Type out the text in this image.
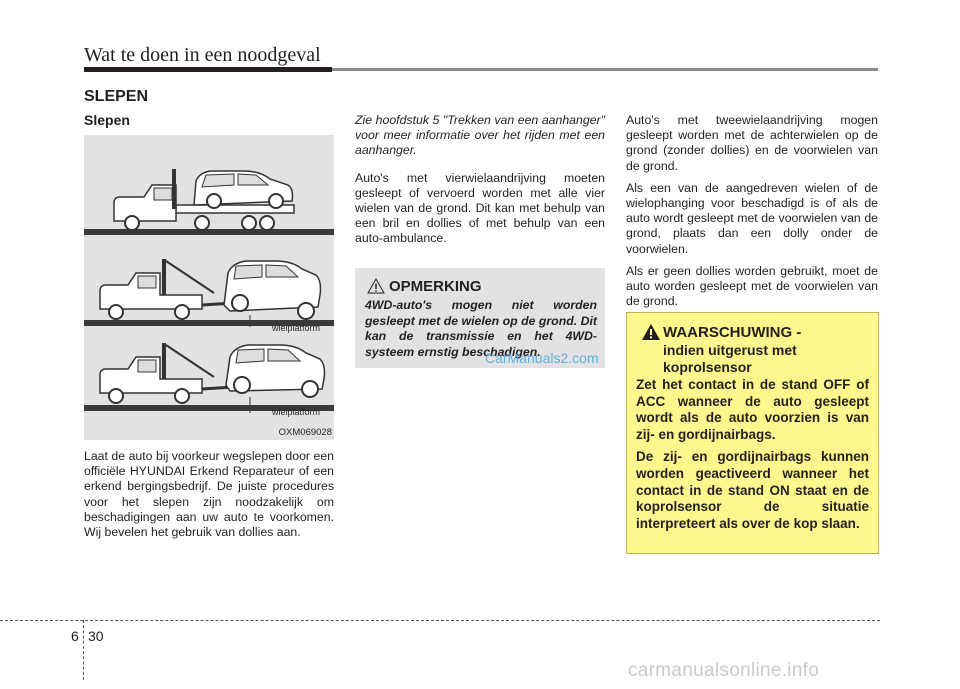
Wat te doen in een noodgeval
SLEPEN
Slepen
wielplatform
wielplatform
OXM069028

Laat de auto bij voorkeur wegslepen door een officiële HYUNDAI Erkend Reparateur of een erkend bergingsbedrijf. De juiste procedures voor het slepen zijn noodzakelijk om beschadigingen aan uw auto te voorkomen. Wij bevelen het gebruik van dollies aan.

Zie hoofdstuk 5 "Trekken van een aanhanger" voor meer informatie over het rijden met een aanhanger.

Auto's met vierwielaandrijving moeten gesleept of vervoerd worden met alle vier wielen van de grond. Dit kan met behulp van een bril en dollies of met behulp van een auto-ambulance.

OPMERKING
4WD-auto's mogen niet worden gesleept met de wielen op de grond. Dit kan de transmissie en het 4WD-systeem ernstig beschadigen.
CarManuals2.com

Auto's met tweewielaandrijving mogen gesleept worden met de achterwielen op de grond (zonder dollies) en de voorwielen van de grond.

Als een van de aangedreven wielen of de wielophanging voor beschadigd is of als de auto wordt gesleept met de voorwielen van de grond, plaats dan een dolly onder de voorwielen.

Als er geen dollies worden gebruikt, moet de auto worden gesleept met de voorwielen van de grond.

WAARSCHUWING -
indien uitgerust met koprolsensor

Zet het contact in de stand OFF of ACC wanneer de auto gesleept wordt als de auto voorzien is van zij- en gordijnairbags.

De zij- en gordijnairbags kunnen worden geactiveerd wanneer het contact in de stand ON staat en de koprolsensor de situatie interpreteert als over de kop slaan.

6 30
carmanualsonline.info
